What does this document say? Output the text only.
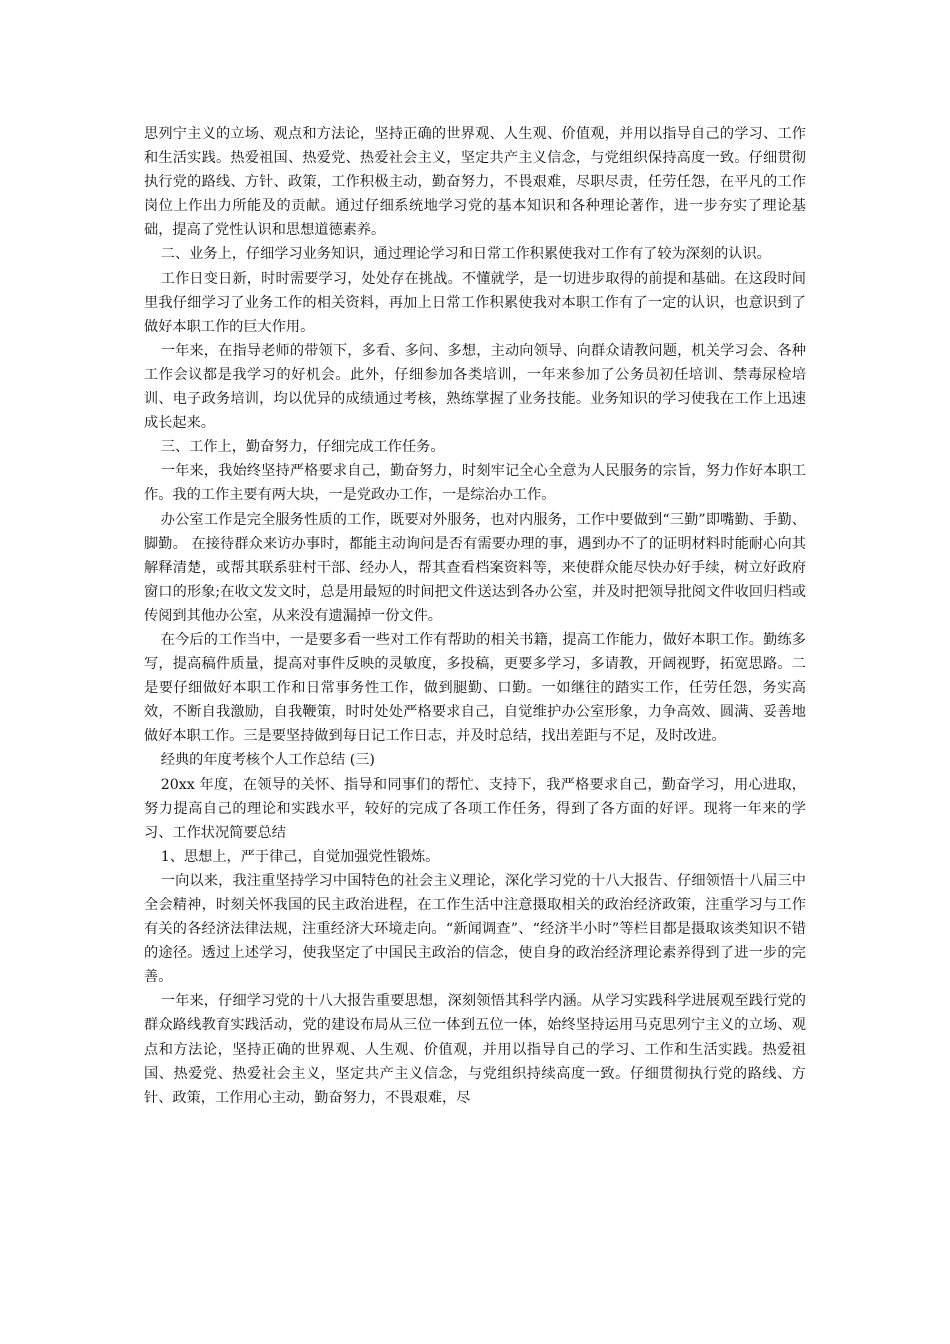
思列宁主义的立场、观点和方法论，坚持正确的世界观、人生观、价值观，并用以指导自己的学习、工作和生活实践。热爱祖国、热爱党、热爱社会主义，坚定共产主义信念，与党组织保持高度一致。仔细贯彻执行党的路线、方针、政策，工作积极主动，勤奋努力，不畏艰难，尽职尽责，任劳任怨，在平凡的工作岗位上作出力所能及的贡献。通过仔细系统地学习党的基本知识和各种理论著作，进一步夯实了理论基础，提高了党性认识和思想道德素养。

二、业务上，仔细学习业务知识，通过理论学习和日常工作积累使我对工作有了较为深刻的认识。

工作日变日新，时时需要学习，处处存在挑战。不懂就学，是一切进步取得的前提和基础。在这段时间里我仔细学习了业务工作的相关资料，再加上日常工作积累使我对本职工作有了一定的认识，也意识到了做好本职工作的巨大作用。

一年来，在指导老师的带领下，多看、多问、多想，主动向领导、向群众请教问题，机关学习会、各种工作会议都是我学习的好机会。此外，仔细参加各类培训，一年来参加了公务员初任培训、禁毒尿检培训、电子政务培训，均以优异的成绩通过考核，熟练掌握了业务技能。业务知识的学习使我在工作上迅速成长起来。

三、工作上，勤奋努力，仔细完成工作任务。

一年来，我始终坚持严格要求自己，勤奋努力，时刻牢记全心全意为人民服务的宗旨，努力作好本职工作。我的工作主要有两大块，一是党政办工作，一是综治办工作。

办公室工作是完全服务性质的工作，既要对外服务，也对内服务，工作中要做到“三勤”即嘴勤、手勤、脚勤。 在接待群众来访办事时，都能主动询问是否有需要办理的事，遇到办不了的证明材料时能耐心向其解释清楚，或帮其联系驻村干部、经办人，帮其查看档案资料等，来使群众能尽快办好手续，树立好政府窗口的形象;在收文发文时，总是用最短的时间把文件送达到各办公室，并及时把领导批阅文件收回归档或传阅到其他办公室，从来没有遗漏掉一份文件。

在今后的工作当中，一是要多看一些对工作有帮助的相关书籍，提高工作能力，做好本职工作。勤练多写，提高稿件质量，提高对事件反映的灵敏度，多投稿，更要多学习，多请教，开阔视野，拓宽思路。二是要仔细做好本职工作和日常事务性工作，做到腿勤、口勤。一如继往的踏实工作，任劳任怨，务实高效，不断自我激励，自我鞭策，时时处处严格要求自己，自觉维护办公室形象，力争高效、圆满、妥善地做好本职工作。三是要坚持做到每日记工作日志，并及时总结，找出差距与不足，及时改进。

经典的年度考核个人工作总结 (三)

20xx 年度，在领导的关怀、指导和同事们的帮忙、支持下，我严格要求自己，勤奋学习，用心进取，努力提高自己的理论和实践水平，较好的完成了各项工作任务，得到了各方面的好评。现将一年来的学习、工作状况简要总结

1、思想上，严于律己，自觉加强党性锻炼。

一向以来，我注重坚持学习中国特色的社会主义理论，深化学习党的十八大报告、仔细领悟十八届三中全会精神，时刻关怀我国的民主政治进程，在工作生活中注意摄取相关的政治经济政策，注重学习与工作有关的各经济法律法规，注重经济大环境走向。“新闻调查”、“经济半小时”等栏目都是摄取该类知识不错的途径。透过上述学习，使我坚定了中国民主政治的信念，使自身的政治经济理论素养得到了进一步的完善。

一年来，仔细学习党的十八大报告重要思想，深刻领悟其科学内涵。从学习实践科学进展观至践行党的群众路线教育实践活动，党的建设布局从三位一体到五位一体，始终坚持运用马克思列宁主义的立场、观点和方法论，坚持正确的世界观、人生观、价值观，并用以指导自己的学习、工作和生活实践。热爱祖国、热爱党、热爱社会主义，坚定共产主义信念，与党组织持续高度一致。仔细贯彻执行党的路线、方针、政策，工作用心主动，勤奋努力，不畏艰难，尽
